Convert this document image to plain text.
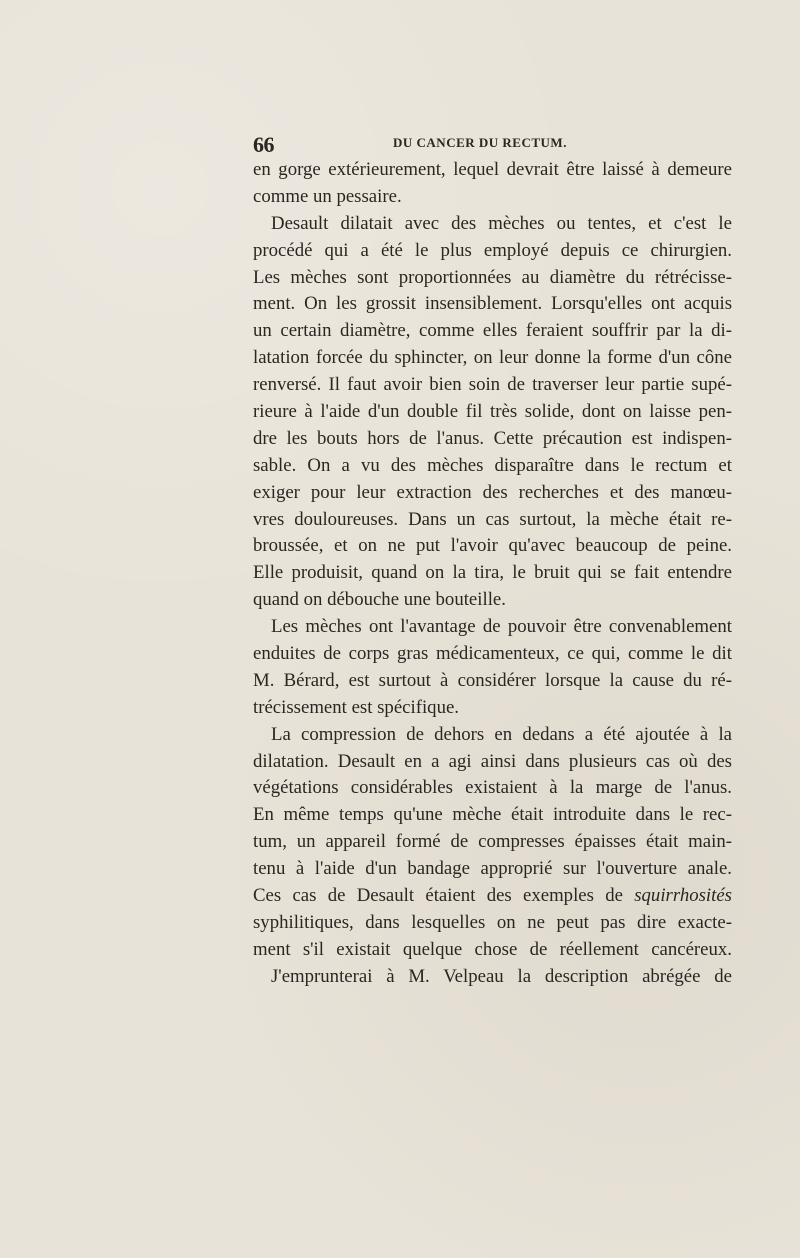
66	DU CANCER DU RECTUM.
en gorge extérieurement, lequel devrait être laissé à demeure
comme un pessaire.
Desault dilatait avec des mèches ou tentes, et c'est le
procédé qui a été le plus employé depuis ce chirurgien.
Les mèches sont proportionnées au diamètre du rétrécisse-
ment. On les grossit insensiblement. Lorsqu'elles ont acquis
un certain diamètre, comme elles feraient souffrir par la di-
latation forcée du sphincter, on leur donne la forme d'un cône
renversé. Il faut avoir bien soin de traverser leur partie supé-
rieure à l'aide d'un double fil très solide, dont on laisse pen-
dre les bouts hors de l'anus. Cette précaution est indispen-
sable. On a vu des mèches disparaître dans le rectum et
exiger pour leur extraction des recherches et des manœu-
vres douloureuses. Dans un cas surtout, la mèche était re-
broussée, et on ne put l'avoir qu'avec beaucoup de peine.
Elle produisit, quand on la tira, le bruit qui se fait entendre
quand on débouche une bouteille.
Les mèches ont l'avantage de pouvoir être convenablement
enduites de corps gras médicamenteux, ce qui, comme le dit
M. Bérard, est surtout à considérer lorsque la cause du ré-
trécissement est spécifique.
La compression de dehors en dedans a été ajoutée à la
dilatation. Desault en a agi ainsi dans plusieurs cas où des
végétations considérables existaient à la marge de l'anus.
En même temps qu'une mèche était introduite dans le rec-
tum, un appareil formé de compresses épaisses était main-
tenu à l'aide d'un bandage approprié sur l'ouverture anale.
Ces cas de Desault étaient des exemples de squirrhosités
syphilitiques, dans lesquelles on ne peut pas dire exacte-
ment s'il existait quelque chose de réellement cancéreux.
J'emprunterai à M. Velpeau la description abrégée de
